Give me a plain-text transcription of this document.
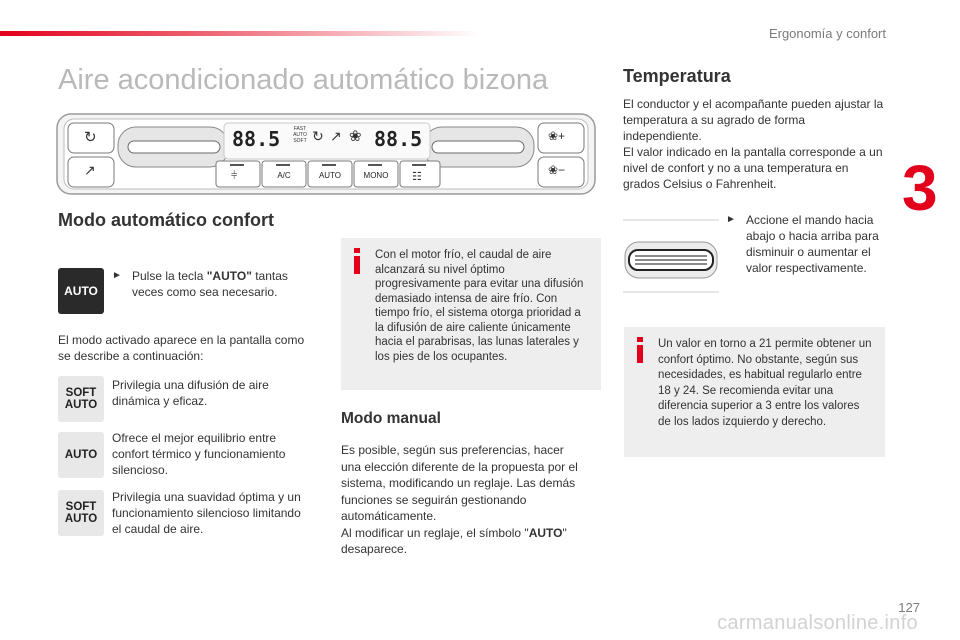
Ergonomía y confort
3
Aire acondicionado automático bizona
88.5	88.5
FAST
AUTO
SOFT ↻ ↗ ❀
↻
↗
❀+
❀−
⫩	A/C	AUTO	MONO	☷
Modo automático confort
AUTO
► Pulse la tecla "AUTO" tantas veces como sea necesario.

El modo activado aparece en la pantalla como se describe a continuación:

SOFT
AUTO

Privilegia una difusión de aire dinámica y eficaz.

AUTO

Ofrece el mejor equilibrio entre confort térmico y funcionamiento silencioso.

SOFT
AUTO

Privilegia una suavidad óptima y un funcionamiento silencioso limitando el caudal de aire.

Con el motor frío, el caudal de aire alcanzará su nivel óptimo progresivamente para evitar una difusión demasiado intensa de aire frío. Con tiempo frío, el sistema otorga prioridad a la difusión de aire caliente únicamente hacia el parabrisas, las lunas laterales y los pies de los ocupantes.

Modo manual

Es posible, según sus preferencias, hacer una elección diferente de la propuesta por el sistema, modificando un reglaje. Las demás funciones se seguirán gestionando automáticamente.

Al modificar un reglaje, el símbolo "AUTO" desaparece.

Temperatura

El conductor y el acompañante pueden ajustar la temperatura a su agrado de forma independiente.

El valor indicado en la pantalla corresponde a un nivel de confort y no a una temperatura en grados Celsius o Fahrenheit.

► Accione el mando hacia abajo o hacia arriba para disminuir o aumentar el valor respectivamente.

Un valor en torno a 21 permite obtener un confort óptimo. No obstante, según sus necesidades, es habitual regularlo entre 18 y 24. Se recomienda evitar una diferencia superior a 3 entre los valores de los lados izquierdo y derecho.

carmanualsonline.info
127
